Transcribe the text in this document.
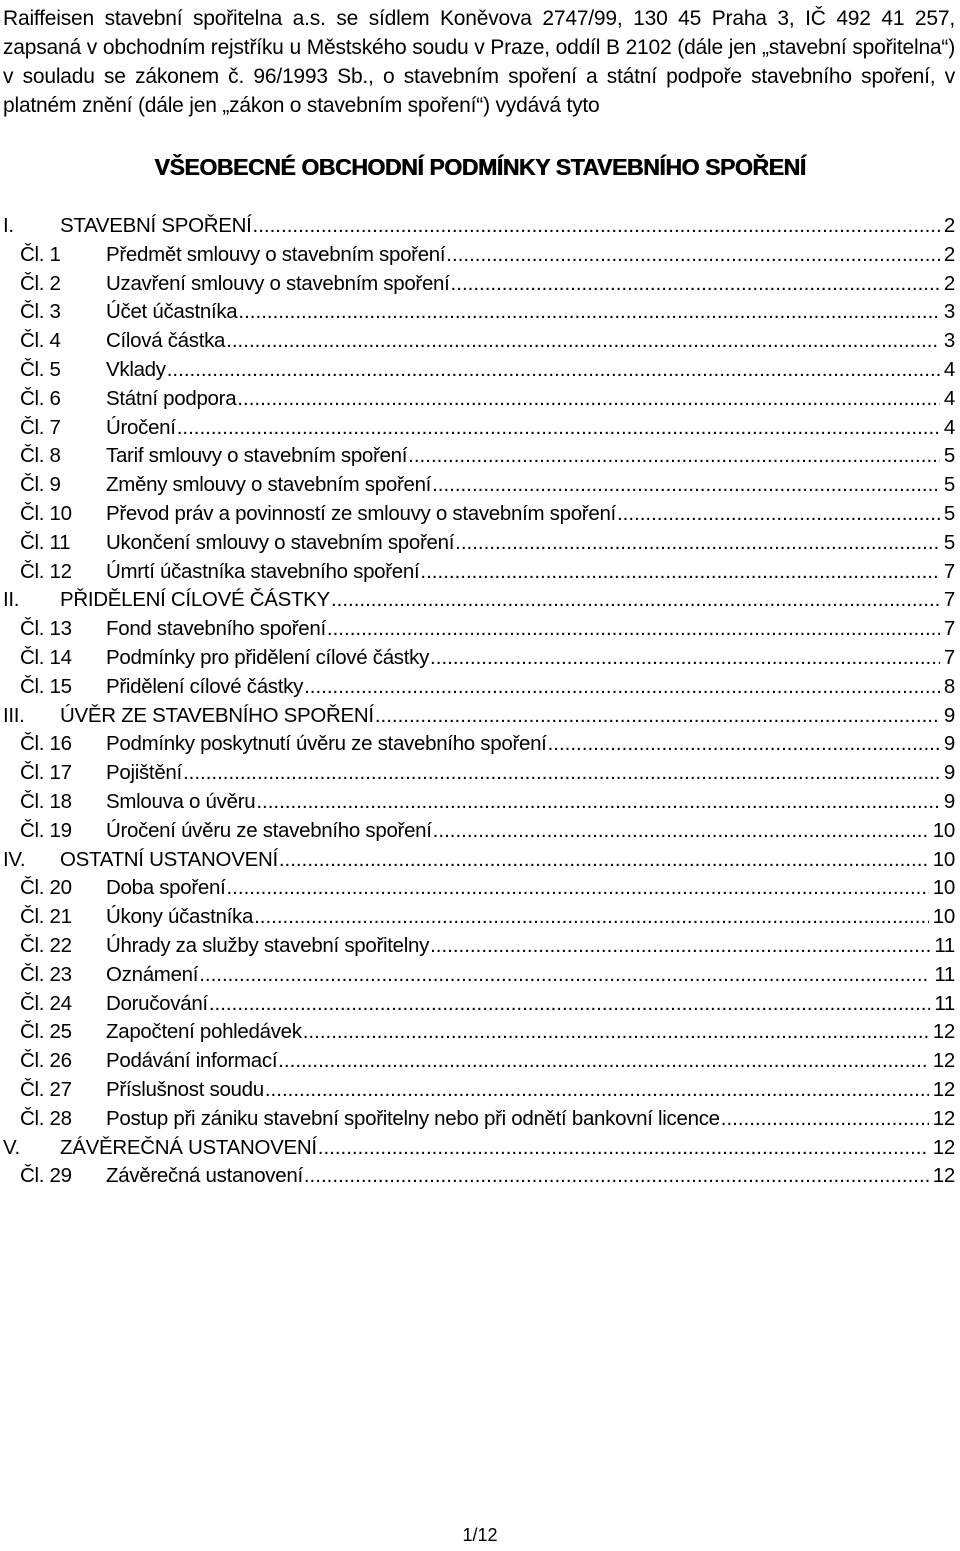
Raiffeisen stavební spořitelna a.s. se sídlem Koněvova 2747/99, 130 45 Praha 3, IČ 492 41 257, zapsaná v obchodním rejstříku u Městského soudu v Praze, oddíl B 2102 (dále jen „stavební spořitelna“) v souladu se zákonem č. 96/1993 Sb., o stavebním spoření a státní podpoře stavebního spoření, v platném znění (dále jen „zákon o stavebním spoření“) vydává tyto

VŠEOBECNÉ OBCHODNÍ PODMÍNKY STAVEBNÍHO SPOŘENÍ
I.	STAVEBNÍ SPOŘENÍ .....	2
Čl. 1	Předmět smlouvy o stavebním spoření .....	2
Čl. 2	Uzavření smlouvy o stavebním spoření .....	2
Čl. 3	Účet účastníka .....	3
Čl. 4	Cílová částka .....	3
Čl. 5	Vklady .....	4
Čl. 6	Státní podpora .....	4
Čl. 7	Úročení .....	4
Čl. 8	Tarif smlouvy o stavebním spoření .....	5
Čl. 9	Změny smlouvy o stavebním spoření .....	5
Čl. 10	Převod práv a povinností ze smlouvy o stavebním spoření .....	5
Čl. 11	Ukončení smlouvy o stavebním spoření .....	5
Čl. 12	Úmrtí účastníka stavebního spoření .....	7
II.	PŘIDĚLENÍ CÍLOVÉ ČÁSTKY .....	7
Čl. 13	Fond stavebního spoření .....	7
Čl. 14	Podmínky pro přidělení cílové částky .....	7
Čl. 15	Přidělení cílové částky .....	8
III.	ÚVĚR ZE STAVEBNÍHO SPOŘENÍ .....	9
Čl. 16	Podmínky poskytnutí úvěru ze stavebního spoření .....	9
Čl. 17	Pojištění .....	9
Čl. 18	Smlouva o úvěru .....	9
Čl. 19	Úročení úvěru ze stavebního spoření .....	10
IV.	OSTATNÍ USTANOVENÍ .....	10
Čl. 20	Doba spoření .....	10
Čl. 21	Úkony účastníka .....	10
Čl. 22	Úhrady za služby stavební spořitelny .....	11
Čl. 23	Oznámení .....	11
Čl. 24	Doručování .....	11
Čl. 25	Započtení pohledávek .....	12
Čl. 26	Podávání informací .....	12
Čl. 27	Příslušnost soudu .....	12
Čl. 28	Postup při zániku stavební spořitelny nebo při odnětí bankovní licence .....	12
V.	ZÁVĚREČNÁ USTANOVENÍ .....	12
Čl. 29	Závěrečná ustanovení .....	12
1/12
